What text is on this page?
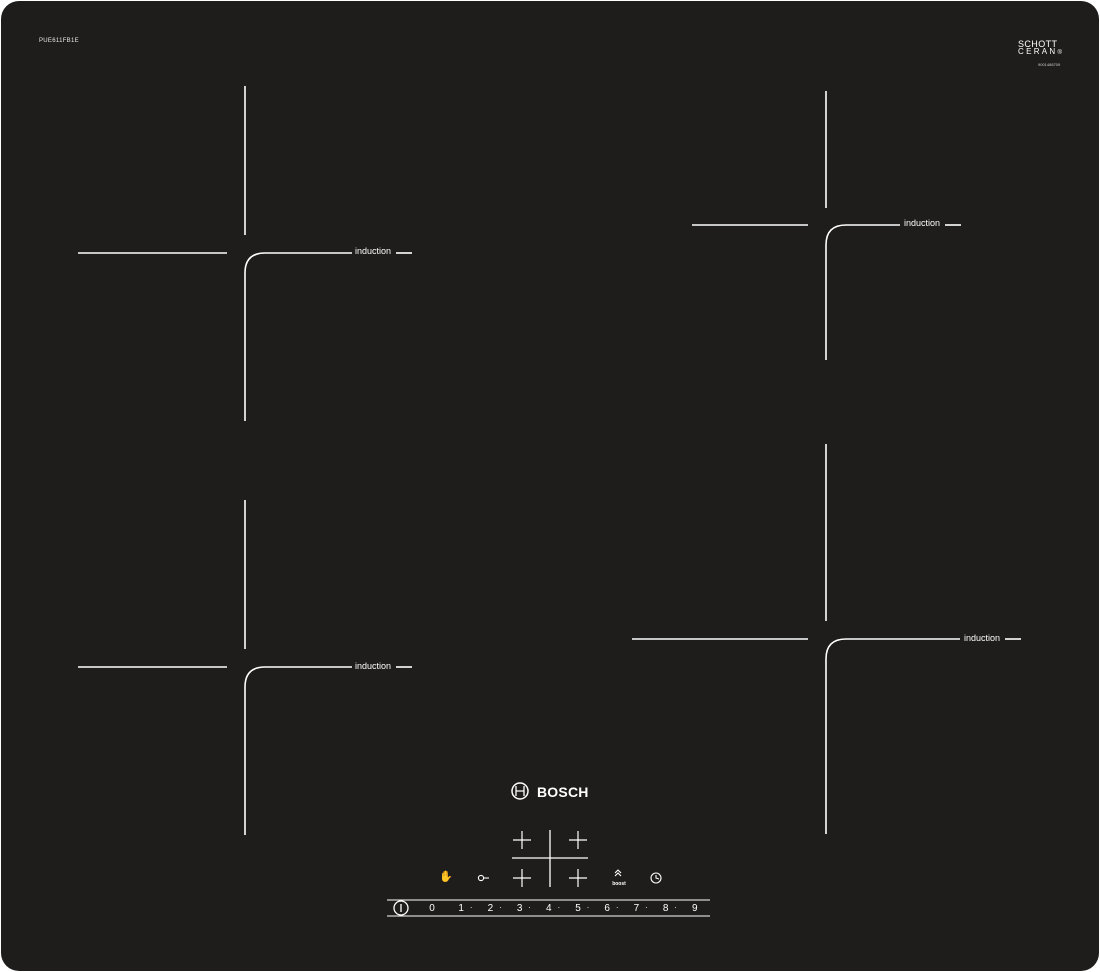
PUE611FB1E	SCHOTT
CERAN®
9001488709
induction
induction
induction
induction
BOSCH
✋
boost
0	1 ·	2 ·	3 ·	4 ·	5 ·	6 ·	7 ·	8 ·	9
